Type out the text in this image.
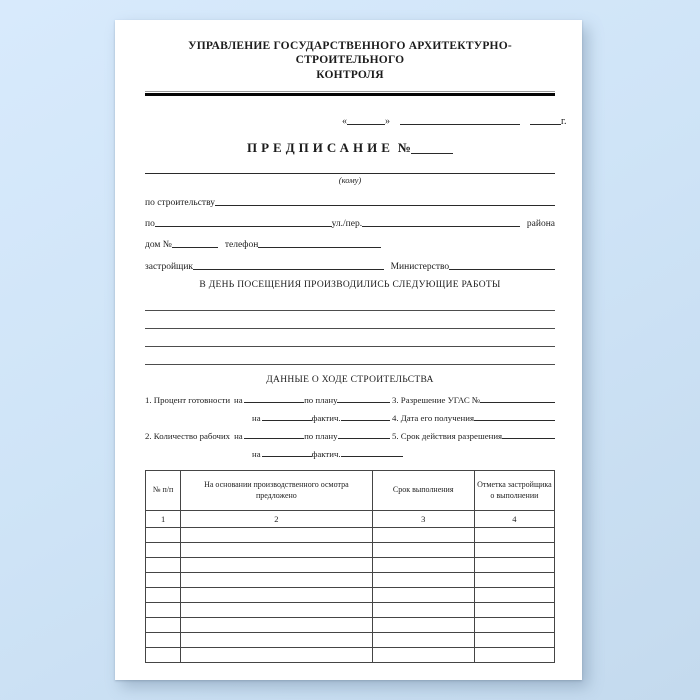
УПРАВЛЕНИЕ ГОСУДАРСТВЕННОГО АРХИТЕКТУРНО-СТРОИТЕЛЬНОГО
КОНТРОЛЯ
«	»	г.
ПРЕДПИСАНИЕ №
(кому)
по строительству
по	ул./пер.	района
дом №	телефон
застройщик	Министерство
В ДЕНЬ ПОСЕЩЕНИЯ ПРОИЗВОДИЛИСЬ СЛЕДУЮЩИЕ РАБОТЫ
ДАННЫЕ О ХОДЕ СТРОИТЕЛЬСТВА
1. Процент готовности на	по плану	3. Разрешение УГАС №
на	фактич.	4. Дата его получения
2. Количество рабочих на	по плану	5. Срок действия разрешения
на	фактич.
№ п/п	На основании производственного осмотра предложено	Срок выполнения	Отметка застройщика о выполнении
1	2	3	4
